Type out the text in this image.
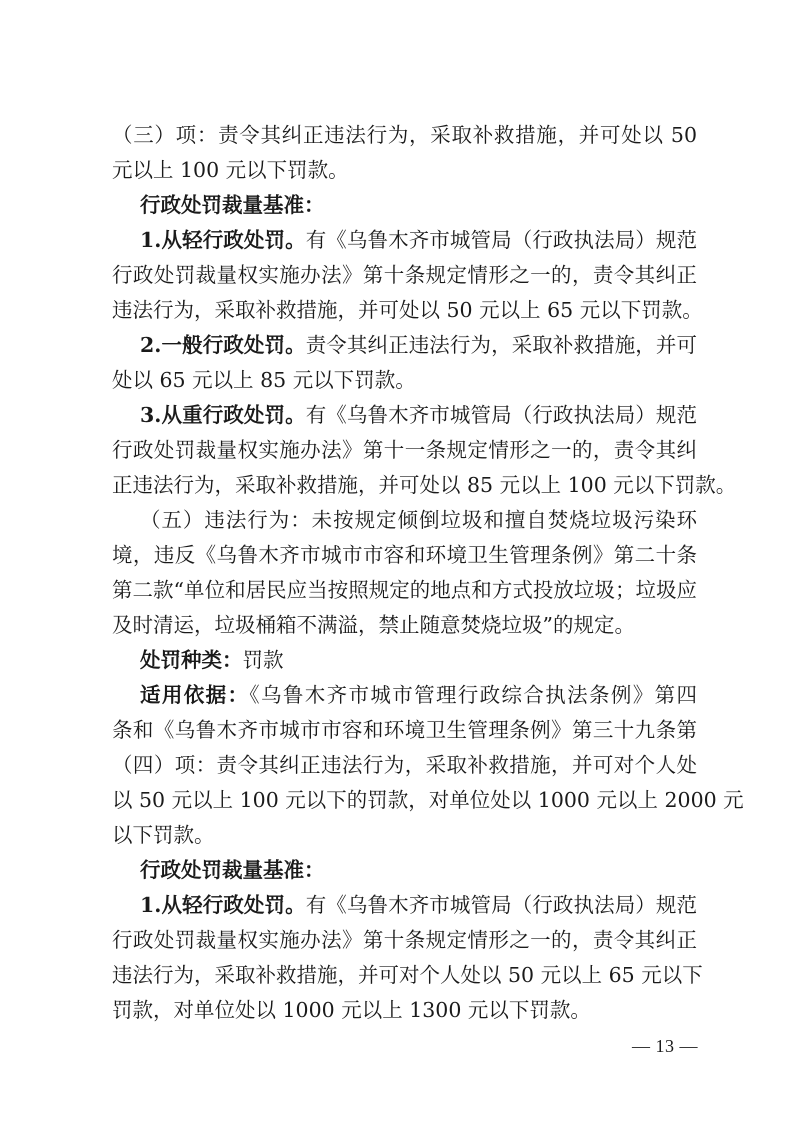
（三）项：责令其纠正违法行为，采取补救措施，并可处以 50
元以上 100 元以下罚款。
行政处罚裁量基准：
1.从轻行政处罚。有《乌鲁木齐市城管局（行政执法局）规范
行政处罚裁量权实施办法》第十条规定情形之一的，责令其纠正
违法行为，采取补救措施，并可处以 50 元以上 65 元以下罚款。
2.一般行政处罚。责令其纠正违法行为，采取补救措施，并可
处以 65 元以上 85 元以下罚款。
3.从重行政处罚。有《乌鲁木齐市城管局（行政执法局）规范
行政处罚裁量权实施办法》第十一条规定情形之一的，责令其纠
正违法行为，采取补救措施，并可处以 85 元以上 100 元以下罚款。
（五）违法行为：未按规定倾倒垃圾和擅自焚烧垃圾污染环
境，违反《乌鲁木齐市城市市容和环境卫生管理条例》第二十条
第二款“单位和居民应当按照规定的地点和方式投放垃圾；垃圾应
及时清运，垃圾桶箱不满溢，禁止随意焚烧垃圾”的规定。
处罚种类：罚款
适用依据：《乌鲁木齐市城市管理行政综合执法条例》第四
条和《乌鲁木齐市城市市容和环境卫生管理条例》第三十九条第
（四）项：责令其纠正违法行为，采取补救措施，并可对个人处
以 50 元以上 100 元以下的罚款，对单位处以 1000 元以上 2000 元
以下罚款。
行政处罚裁量基准：
1.从轻行政处罚。有《乌鲁木齐市城管局（行政执法局）规范
行政处罚裁量权实施办法》第十条规定情形之一的，责令其纠正
违法行为，采取补救措施，并可对个人处以 50 元以上 65 元以下
罚款，对单位处以 1000 元以上 1300 元以下罚款。
— 13 —
